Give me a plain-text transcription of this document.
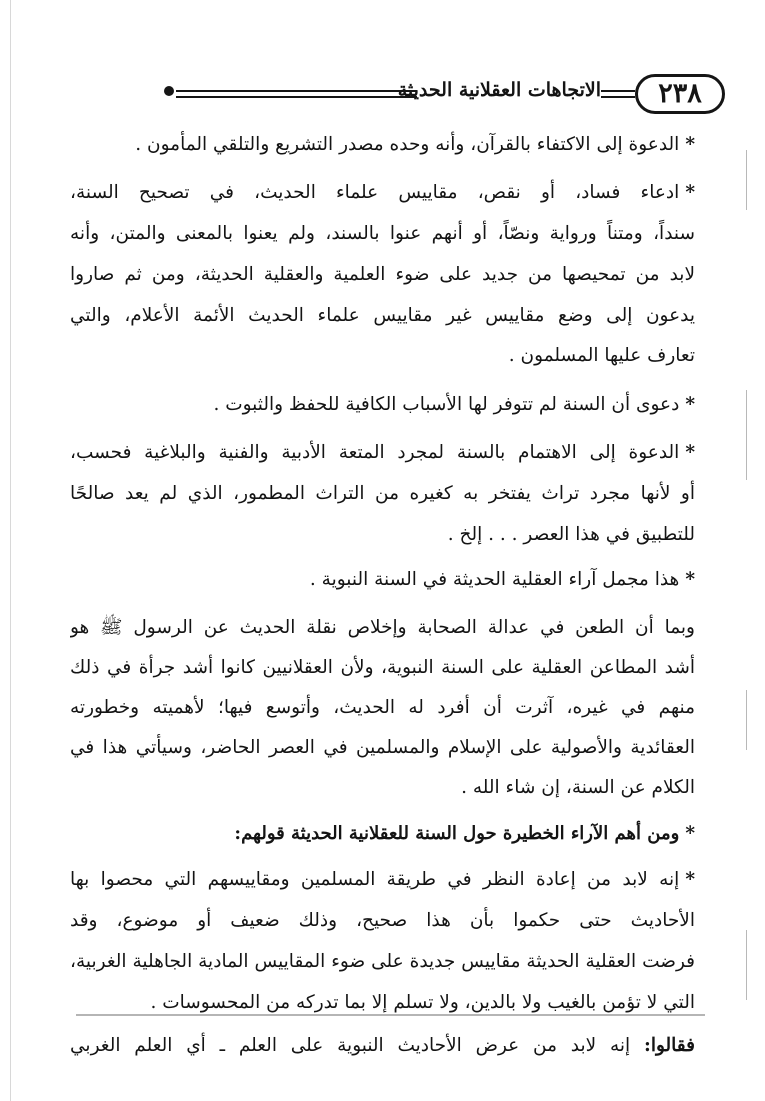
٢٣٨
الاتجاهات العقلانية الحديثة
*الدعوة إلى الاكتفاء بالقرآن، وأنه وحده مصدر التشريع والتلقي المأمون .
*ادعاء فساد، أو نقص، مقاييس علماء الحديث، في تصحيح السنة،
سنداً، ومتناً ورواية ونصّاً، أو أنهم عنوا بالسند، ولم يعنوا بالمعنى والمتن، وأنه
لابد من تمحيصها من جديد على ضوء العلمية والعقلية الحديثة، ومن ثم صاروا
يدعون إلى وضع مقاييس غير مقاييس علماء الحديث الأئمة الأعلام، والتي
تعارف عليها المسلمون .
*دعوى أن السنة لم تتوفر لها الأسباب الكافية للحفظ والثبوت .
*الدعوة إلى الاهتمام بالسنة لمجرد المتعة الأدبية والفنية والبلاغية فحسب،
أو لأنها مجرد تراث يفتخر به كغيره من التراث المطمور، الذي لم يعد صالحًا
للتطبيق في هذا العصر . . . إلخ .
*هذا مجمل آراء العقلية الحديثة في السنة النبوية .
وبما أن الطعن في عدالة الصحابة وإخلاص نقلة الحديث عن الرسول ﷺ هو
أشد المطاعن العقلية على السنة النبوية، ولأن العقلانيين كانوا أشد جرأة في ذلك
منهم في غيره، آثرت أن أفرد له الحديث، وأتوسع فيها؛ لأهميته وخطورته
العقائدية والأصولية على الإسلام والمسلمين في العصر الحاضر، وسيأتي هذا في
الكلام عن السنة، إن شاء الله .
*ومن أهم الآراء الخطيرة حول السنة للعقلانية الحديثة قولهم:
*إنه لابد من إعادة النظر في طريقة المسلمين ومقاييسهم التي محصوا بها
الأحاديث حتى حكموا بأن هذا صحيح، وذلك ضعيف أو موضوع، وقد
فرضت العقلية الحديثة مقاييس جديدة على ضوء المقاييس المادية الجاهلية الغربية،
التي لا تؤمن بالغيب ولا بالدين، ولا تسلم إلا بما تدركه من المحسوسات .
فقالوا: إنه لابد من عرض الأحاديث النبوية على العلم ـ أي العلم الغربي
